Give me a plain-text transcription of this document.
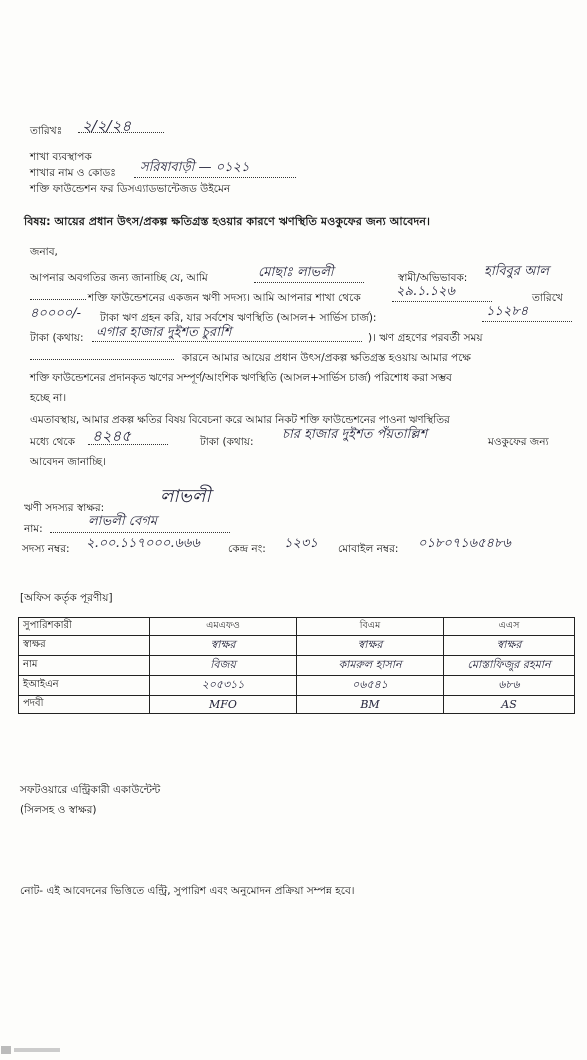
তারিখঃ ২/২/২৪
শাখা ব্যবস্থাপক
শাখার নাম ও কোডঃ সরিষাবাড়ী — ০১২১
শক্তি ফাউন্ডেশন ফর ডিসএ্যাডভান্টেজড উইমেন
বিষয়: আয়ের প্রধান উৎস/প্রকল্প ক্ষতিগ্রস্ত হওয়ার কারণে ঋণস্থিতি মওকুফের জন্য আবেদন।
জনাব,
আপনার অবগতির জন্য জানাচ্ছি যে, আমি	মোছাঃ লাভলী	স্বামী/অভিভাবক: হাবিবুর আল
শক্তি ফাউন্ডেশনের একজন ঋণী সদস্য। আমি আপনার শাখা থেকে	২৯.১.১২৬	তারিখে
৪০০০০/- টাকা ঋণ গ্রহন করি, যার সর্বশেষ ঋণস্থিতি (আসল+ সার্ভিস চার্জ):	১১২৮৪
টাকা (কথায়: এগার হাজার দুইশত চুরাশি	)। ঋণ গ্রহণের পরবর্তী সময়
কারনে আমার আয়ের প্রধান উৎস/প্রকল্প ক্ষতিগ্রস্ত হওয়ায় আমার পক্ষে
শক্তি ফাউন্ডেশনের প্রদানকৃত ঋণের সম্পূর্ণ/আংশিক ঋণস্থিতি (আসল+সার্ভিস চার্জ) পরিশোধ করা সম্ভব
হচ্ছে না।
এমতাবস্থায়, আমার প্রকল্প ক্ষতির বিষয় বিবেচনা করে আমার নিকট শক্তি ফাউন্ডেশনের পাওনা ঋণস্থিতির
মধ্যে থেকে ৪২৪৫	টাকা (কথায়: চার হাজার দুইশত পঁয়তাল্লিশ	মওকুফের জন্য
আবেদন জানাচ্ছি।
ঋণী সদস্যর স্বাক্ষর:
লাভলী
নাম:	লাভলী বেগম
সদস্য নম্বর: ২.০০.১১৭০০০.৬৬৬	কেন্দ্র নং: ১২৩১ মোবাইল নম্বর: ০১৮০৭১৬৫৪৮৬
[অফিস কর্তৃক পূরণীয়]
সুপারিশকারী	এমএফও	বিএম	এএস
স্বাক্ষর	স্বাক্ষর	স্বাক্ষর	স্বাক্ষর
নাম	বিজয়	কামরুল হাসান	মোস্তাফিজুর রহমান
ইআইএন	২০৫৩১১	০৬৫৪১	৬৮৬
পদবী	MFO	BM	AS
সফটওয়ারে এন্ট্রিকারী একাউন্টেন্ট
(সিলসহ ও স্বাক্ষর)
নোট- এই আবেদনের ভিত্তিতে এন্ট্রি, সুপারিশ এবং অনুমোদন প্রক্রিয়া সম্পন্ন হবে।
